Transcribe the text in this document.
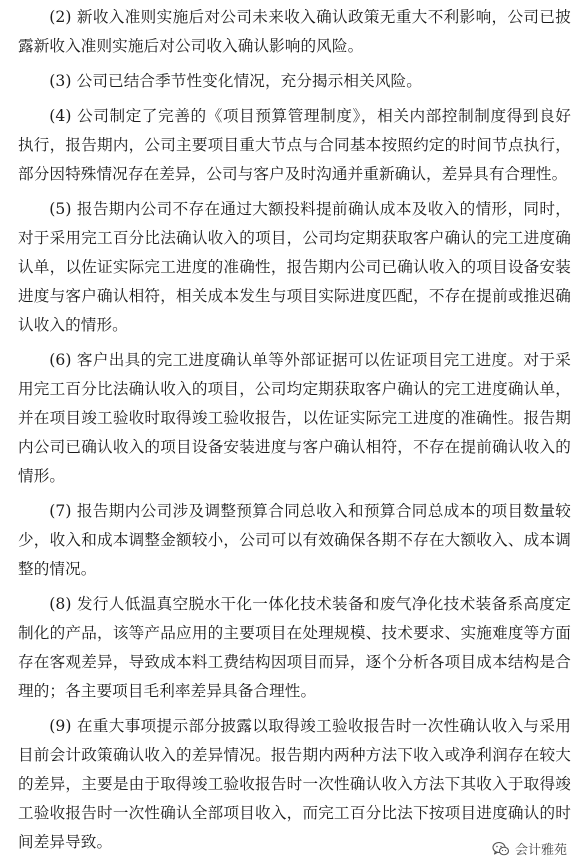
(2) 新收入准则实施后对公司未来收入确认政策无重大不利影响，公司已披露新收入准则实施后对公司收入确认影响的风险。

(3) 公司已结合季节性变化情况，充分揭示相关风险。

(4) 公司制定了完善的《项目预算管理制度》，相关内部控制制度得到良好执行，报告期内，公司主要项目重大节点与合同基本按照约定的时间节点执行，部分因特殊情况存在差异，公司与客户及时沟通并重新确认，差异具有合理性。

(5) 报告期内公司不存在通过大额投料提前确认成本及收入的情形，同时，对于采用完工百分比法确认收入的项目，公司均定期获取客户确认的完工进度确认单，以佐证实际完工进度的准确性，报告期内公司已确认收入的项目设备安装进度与客户确认相符，相关成本发生与项目实际进度匹配，不存在提前或推迟确认收入的情形。

(6) 客户出具的完工进度确认单等外部证据可以佐证项目完工进度。对于采用完工百分比法确认收入的项目，公司均定期获取客户确认的完工进度确认单，并在项目竣工验收时取得竣工验收报告，以佐证实际完工进度的准确性。报告期内公司已确认收入的项目设备安装进度与客户确认相符，不存在提前确认收入的情形。

(7) 报告期内公司涉及调整预算合同总收入和预算合同总成本的项目数量较少，收入和成本调整金额较小，公司可以有效确保各期不存在大额收入、成本调整的情况。

(8) 发行人低温真空脱水干化一体化技术装备和废气净化技术装备系高度定制化的产品，该等产品应用的主要项目在处理规模、技术要求、实施难度等方面存在客观差异，导致成本料工费结构因项目而异，逐个分析各项目成本结构是合理的；各主要项目毛利率差异具备合理性。

(9) 在重大事项提示部分披露以取得竣工验收报告时一次性确认收入与采用目前会计政策确认收入的差异情况。报告期内两种方法下收入或净利润存在较大的差异，主要是由于取得竣工验收报告时一次性确认收入方法下其收入于取得竣工验收报告时一次性确认全部项目收入，而完工百分比法下按项目进度确认的时间差异导致。	会计雅苑
